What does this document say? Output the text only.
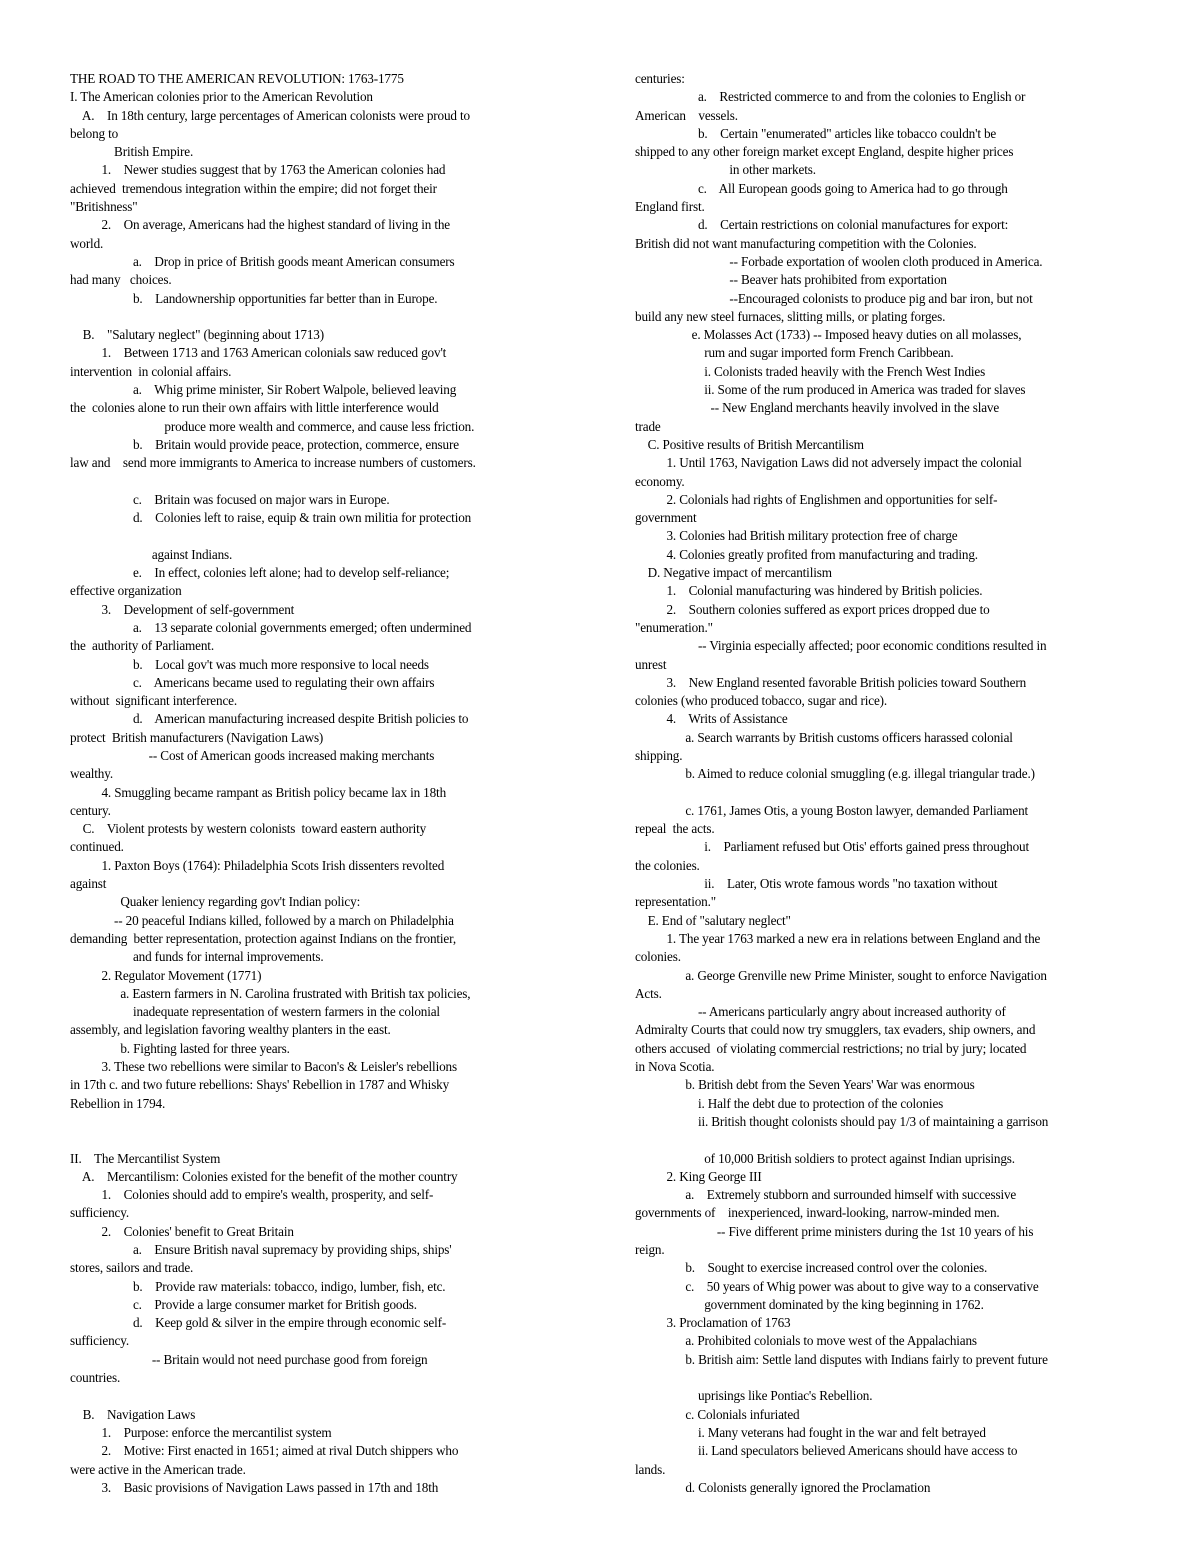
THE ROAD TO THE AMERICAN REVOLUTION: 1763-1775
I. The American colonies prior to the American Revolution
A.    In 18th century, large percentages of American colonists were proud to
belong to
British Empire.
1.    Newer studies suggest that by 1763 the American colonies had
achieved  tremendous integration within the empire; did not forget their
"Britishness"
2.    On average, Americans had the highest standard of living in the
world.
a.    Drop in price of British goods meant American consumers
had many   choices.
b.    Landownership opportunities far better than in Europe.
B.    "Salutary neglect" (beginning about 1713)
1.    Between 1713 and 1763 American colonials saw reduced gov't
intervention  in colonial affairs.
a.    Whig prime minister, Sir Robert Walpole, believed leaving
the  colonies alone to run their own affairs with little interference would
produce more wealth and commerce, and cause less friction.
b.    Britain would provide peace, protection, commerce, ensure
law and    send more immigrants to America to increase numbers of customers.
c.    Britain was focused on major wars in Europe.
d.    Colonies left to raise, equip & train own militia for protection
against Indians.
e.    In effect, colonies left alone; had to develop self-reliance;
effective organization
3.    Development of self-government
a.    13 separate colonial governments emerged; often undermined
the  authority of Parliament.
b.    Local gov't was much more responsive to local needs
c.    Americans became used to regulating their own affairs
without  significant interference.
d.    American manufacturing increased despite British policies to
protect  British manufacturers (Navigation Laws)
-- Cost of American goods increased making merchants
wealthy.
4. Smuggling became rampant as British policy became lax in 18th
century.
C.    Violent protests by western colonists  toward eastern authority
continued.
1. Paxton Boys (1764): Philadelphia Scots Irish dissenters revolted
against
Quaker leniency regarding gov't Indian policy:
-- 20 peaceful Indians killed, followed by a march on Philadelphia
demanding  better representation, protection against Indians on the frontier,
and funds for internal improvements.
2. Regulator Movement (1771)
a. Eastern farmers in N. Carolina frustrated with British tax policies,
inadequate representation of western farmers in the colonial
assembly, and legislation favoring wealthy planters in the east.
b. Fighting lasted for three years.
3. These two rebellions were similar to Bacon's & Leisler's rebellions
in 17th c. and two future rebellions: Shays' Rebellion in 1787 and Whisky
Rebellion in 1794.
II.    The Mercantilist System
A.    Mercantilism: Colonies existed for the benefit of the mother country
1.    Colonies should add to empire's wealth, prosperity, and self-
sufficiency.
2.    Colonies' benefit to Great Britain
a.    Ensure British naval supremacy by providing ships, ships'
stores, sailors and trade.
b.    Provide raw materials: tobacco, indigo, lumber, fish, etc.
c.    Provide a large consumer market for British goods.
d.    Keep gold & silver in the empire through economic self-
sufficiency.
-- Britain would not need purchase good from foreign
countries.
B.    Navigation Laws
1.    Purpose: enforce the mercantilist system
2.    Motive: First enacted in 1651; aimed at rival Dutch shippers who
were active in the American trade.
3.    Basic provisions of Navigation Laws passed in 17th and 18th
centuries:
a.    Restricted commerce to and from the colonies to English or
American    vessels.
b.    Certain "enumerated" articles like tobacco couldn't be
shipped to any other foreign market except England, despite higher prices
in other markets.
c.    All European goods going to America had to go through
England first.
d.    Certain restrictions on colonial manufactures for export:
British did not want manufacturing competition with the Colonies.
-- Forbade exportation of woolen cloth produced in America.
-- Beaver hats prohibited from exportation
--Encouraged colonists to produce pig and bar iron, but not
build any new steel furnaces, slitting mills, or plating forges.
e. Molasses Act (1733) -- Imposed heavy duties on all molasses,
rum and sugar imported form French Caribbean.
i. Colonists traded heavily with the French West Indies
ii. Some of the rum produced in America was traded for slaves
-- New England merchants heavily involved in the slave
trade
C. Positive results of British Mercantilism
1. Until 1763, Navigation Laws did not adversely impact the colonial
economy.
2. Colonials had rights of Englishmen and opportunities for self-
government
3. Colonies had British military protection free of charge
4. Colonies greatly profited from manufacturing and trading.
D. Negative impact of mercantilism
1.    Colonial manufacturing was hindered by British policies.
2.    Southern colonies suffered as export prices dropped due to
"enumeration."
-- Virginia especially affected; poor economic conditions resulted in
unrest
3.    New England resented favorable British policies toward Southern
colonies (who produced tobacco, sugar and rice).
4.    Writs of Assistance
a. Search warrants by British customs officers harassed colonial
shipping.
b. Aimed to reduce colonial smuggling (e.g. illegal triangular trade.)
c. 1761, James Otis, a young Boston lawyer, demanded Parliament
repeal  the acts.
i.    Parliament refused but Otis' efforts gained press throughout
the colonies.
ii.    Later, Otis wrote famous words "no taxation without
representation."
E. End of "salutary neglect"
1. The year 1763 marked a new era in relations between England and the
colonies.
a. George Grenville new Prime Minister, sought to enforce Navigation
Acts.
-- Americans particularly angry about increased authority of
Admiralty Courts that could now try smugglers, tax evaders, ship owners, and
others accused  of violating commercial restrictions; no trial by jury; located
in Nova Scotia.
b. British debt from the Seven Years' War was enormous
i. Half the debt due to protection of the colonies
ii. British thought colonists should pay 1/3 of maintaining a garrison
of 10,000 British soldiers to protect against Indian uprisings.
2. King George III
a.    Extremely stubborn and surrounded himself with successive
governments of    inexperienced, inward-looking, narrow-minded men.
-- Five different prime ministers during the 1st 10 years of his
reign.
b.    Sought to exercise increased control over the colonies.
c.    50 years of Whig power was about to give way to a conservative
government dominated by the king beginning in 1762.
3. Proclamation of 1763
a. Prohibited colonials to move west of the Appalachians
b. British aim: Settle land disputes with Indians fairly to prevent future
uprisings like Pontiac's Rebellion.
c. Colonials infuriated
i. Many veterans had fought in the war and felt betrayed
ii. Land speculators believed Americans should have access to
lands.
d. Colonists generally ignored the Proclamation
